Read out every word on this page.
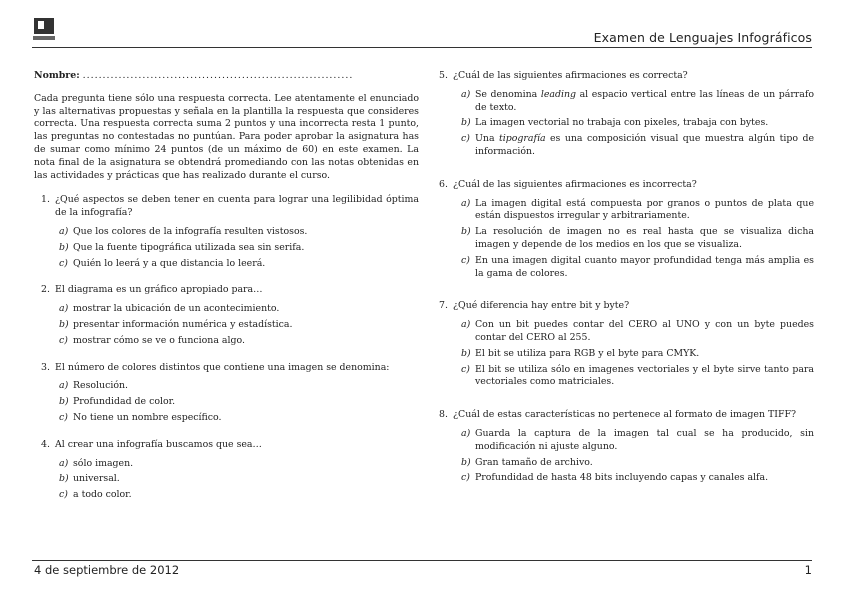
Examen de Lenguajes Infográficos
Nombre: ....................................................................
Cada pregunta tiene sólo una respuesta correcta. Lee atentamente el enunciado y las alternativas propuestas y señala en la plantilla la respuesta que consideres correcta. Una respuesta correcta suma 2 puntos y una incorrecta resta 1 punto, las preguntas no contestadas no puntúan. Para poder aprobar la asignatura has de sumar como mínimo 24 puntos (de un máximo de 60) en este examen. La nota final de la asignatura se obtendrá promediando con las notas obtenidas en las actividades y prácticas que has realizado durante el curso.
1. ¿Qué aspectos se deben tener en cuenta para lograr una legilibidad óptima de la infografía?
a) Que los colores de la infografía resulten vistosos.
b) Que la fuente tipográfica utilizada sea sin serifa.
c) Quién lo leerá y a que distancia lo leerá.
2. El diagrama es un gráfico apropiado para…
a) mostrar la ubicación de un acontecimiento.
b) presentar información numérica y estadística.
c) mostrar cómo se ve o funciona algo.
3. El número de colores distintos que contiene una imagen se denomina:
a) Resolución.
b) Profundidad de color.
c) No tiene un nombre específico.
4. Al crear una infografía buscamos que sea…
a) sólo imagen.
b) universal.
c) a todo color.
5. ¿Cuál de las siguientes afirmaciones es correcta?
a) Se denomina leading al espacio vertical entre las líneas de un párrafo de texto.
b) La imagen vectorial no trabaja con pixeles, trabaja con bytes.
c) Una tipografía es una composición visual que muestra algún tipo de información.
6. ¿Cuál de las siguientes afirmaciones es incorrecta?
a) La imagen digital está compuesta por granos o puntos de plata que están dispuestos irregular y arbitrariamente.
b) La resolución de imagen no es real hasta que se visualiza dicha imagen y depende de los medios en los que se visualiza.
c) En una imagen digital cuanto mayor profundidad tenga más amplia es la gama de colores.
7. ¿Qué diferencia hay entre bit y byte?
a) Con un bit puedes contar del CERO al UNO y con un byte puedes contar del CERO al 255.
b) El bit se utiliza para RGB y el byte para CMYK.
c) El bit se utiliza sólo en imagenes vectoriales y el byte sirve tanto para vectoriales como matriciales.
8. ¿Cuál de estas características no pertenece al formato de imagen TIFF?
a) Guarda la captura de la imagen tal cual se ha producido, sin modificación ni ajuste alguno.
b) Gran tamaño de archivo.
c) Profundidad de hasta 48 bits incluyendo capas y canales alfa.
4 de septiembre de 2012	1
